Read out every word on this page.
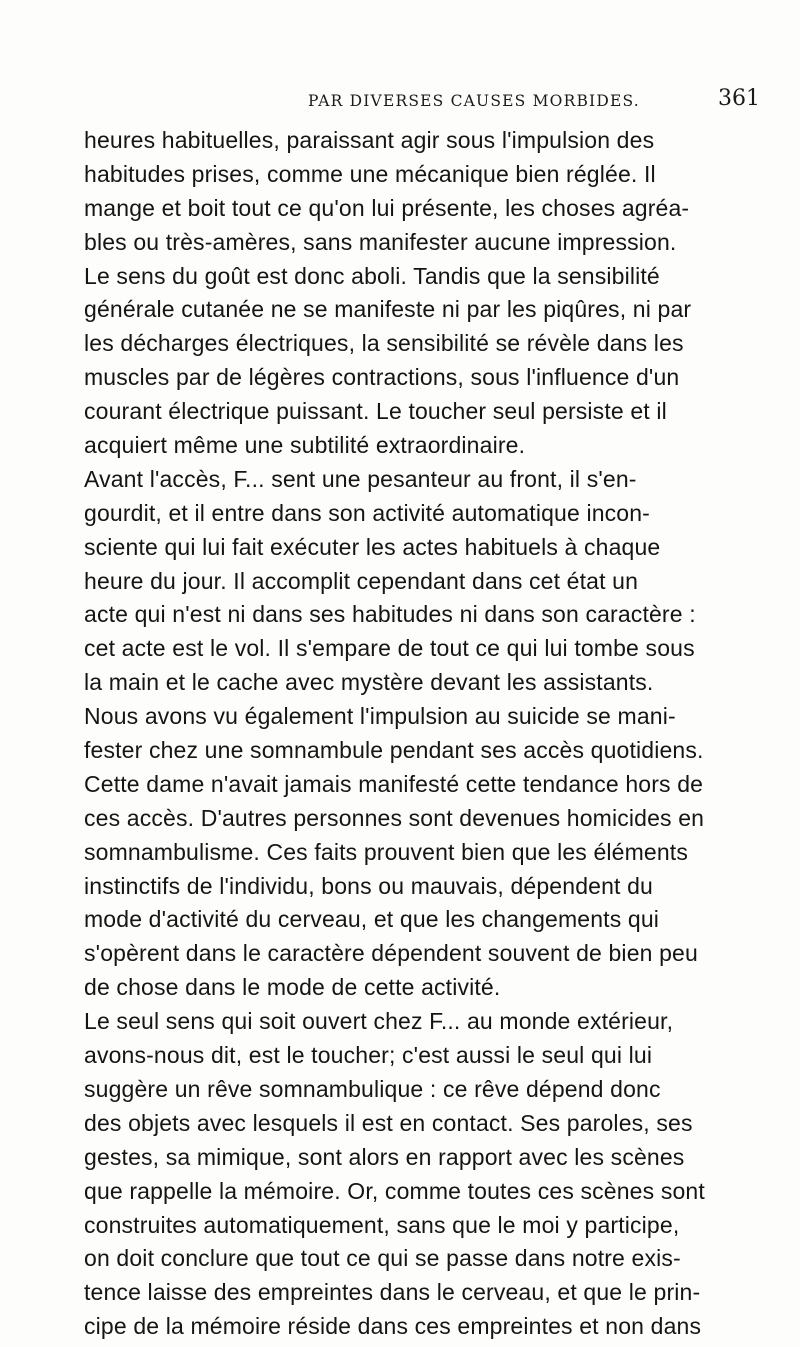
PAR DIVERSES CAUSES MORBIDES.	361
heures habituelles, paraissant agir sous l'impulsion des
habitudes prises, comme une mécanique bien réglée. Il
mange et boit tout ce qu'on lui présente, les choses agréa-
bles ou très-amères, sans manifester aucune impression.
Le sens du goût est donc aboli. Tandis que la sensibilité
générale cutanée ne se manifeste ni par les piqûres, ni par
les décharges électriques, la sensibilité se révèle dans les
muscles par de légères contractions, sous l'influence d'un
courant électrique puissant. Le toucher seul persiste et il
acquiert même une subtilité extraordinaire.
Avant l'accès, F... sent une pesanteur au front, il s'en-
gourdit, et il entre dans son activité automatique incon-
sciente qui lui fait exécuter les actes habituels à chaque
heure du jour. Il accomplit cependant dans cet état un
acte qui n'est ni dans ses habitudes ni dans son caractère :
cet acte est le vol. Il s'empare de tout ce qui lui tombe sous
la main et le cache avec mystère devant les assistants.
Nous avons vu également l'impulsion au suicide se mani-
fester chez une somnambule pendant ses accès quotidiens.
Cette dame n'avait jamais manifesté cette tendance hors de
ces accès. D'autres personnes sont devenues homicides en
somnambulisme. Ces faits prouvent bien que les éléments
instinctifs de l'individu, bons ou mauvais, dépendent du
mode d'activité du cerveau, et que les changements qui
s'opèrent dans le caractère dépendent souvent de bien peu
de chose dans le mode de cette activité.
Le seul sens qui soit ouvert chez F... au monde extérieur,
avons-nous dit, est le toucher; c'est aussi le seul qui lui
suggère un rêve somnambulique : ce rêve dépend donc
des objets avec lesquels il est en contact. Ses paroles, ses
gestes, sa mimique, sont alors en rapport avec les scènes
que rappelle la mémoire. Or, comme toutes ces scènes sont
construites automatiquement, sans que le moi y participe,
on doit conclure que tout ce qui se passe dans notre exis-
tence laisse des empreintes dans le cerveau, et que le prin-
cipe de la mémoire réside dans ces empreintes et non dans
